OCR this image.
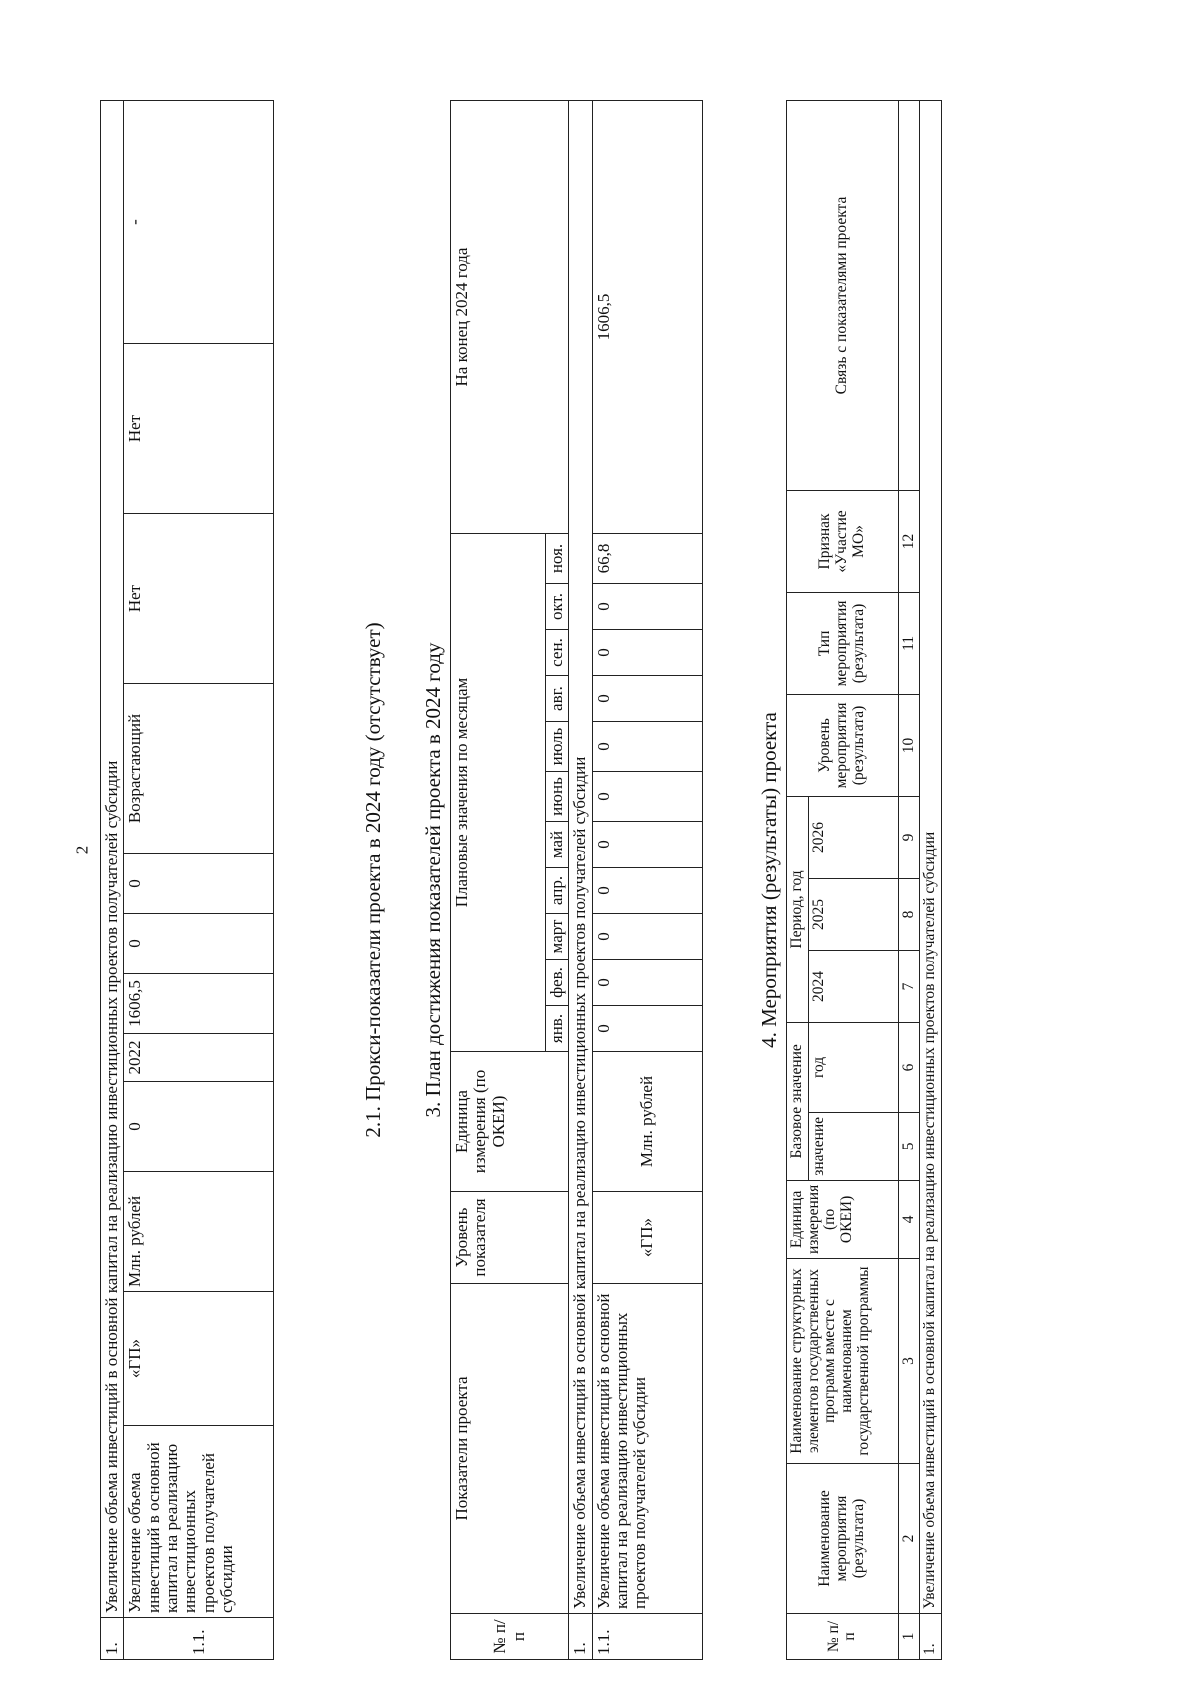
2
1.	Увеличение объема инвестиций в основной капитал на реализацию инвестиционных проектов получателей субсидии											
1.1.	Увеличение объема инвестиций в основной капитал на реализацию инвестиционных проектов получателей субсидии	«ГП»	Млн. рублей	0	2022	1606,5	0	0	Возрастающий	Нет	Нет	-
2.1. Прокси-показатели проекта в 2024 году (отсутствует) 3. План достижения показателей проекта в 2024 году
№ п/п	Показатели проекта	Уровень показателя	Единица измерения (по ОКЕИ)	Плановые значения по месяцам											На конец 2024 года
				янв.	фев.	март	апр.	май	июнь	июль	авг.	сен.	окт.	ноя.	
1.	Увеличение объема инвестиций в основной капитал на реализацию инвестиционных проектов получателей субсидии														
1.1.	Увеличение объема инвестиций в основной капитал на реализацию инвестиционных проектов получателей субсидии	«ГП»	Млн. рублей	0	0	0	0	0	0	0	0	0	0	66,8	1606,5
4. Мероприятия (результаты) проекта
№ п/п	Наименование мероприятия (результата)	Наименование структурных элементов государственных программ вместе с наименованием государственной программы	Единица измерения (по ОКЕИ)	Базовое значение		Период, год			Уровень мероприятия (результата)	Тип мероприятия (результата)	Признак «Участие МО»	Связь с показателями проекта
				значение	год	2024	2025	2026				
1	2	3	4	5	6	7	8	9	10	11	12	
1.	Увеличение объема инвестиций в основной капитал на реализацию инвестиционных проектов получателей субсидии											
